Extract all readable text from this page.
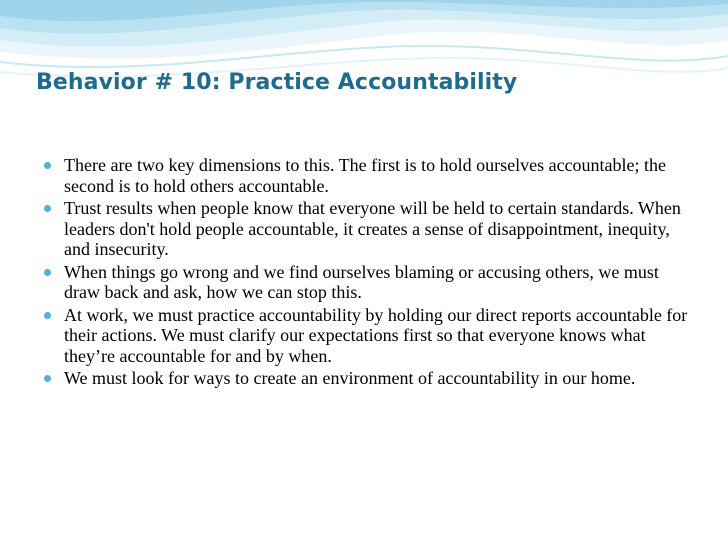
Behavior # 10: Practice Accountability
There are two key dimensions to this. The first is to hold ourselves accountable; the second is to hold others accountable.
Trust results when people know that everyone will be held to certain standards. When leaders don't hold people accountable, it creates a sense of disappointment, inequity, and insecurity.
When things go wrong and we find ourselves blaming or accusing others, we must draw back and ask, how we can stop this.
At work, we must practice accountability by holding our direct reports accountable for their actions. We must clarify our expectations first so that everyone knows what they’re accountable for and by when.
We must look for ways to create an environment of accountability in our home.
